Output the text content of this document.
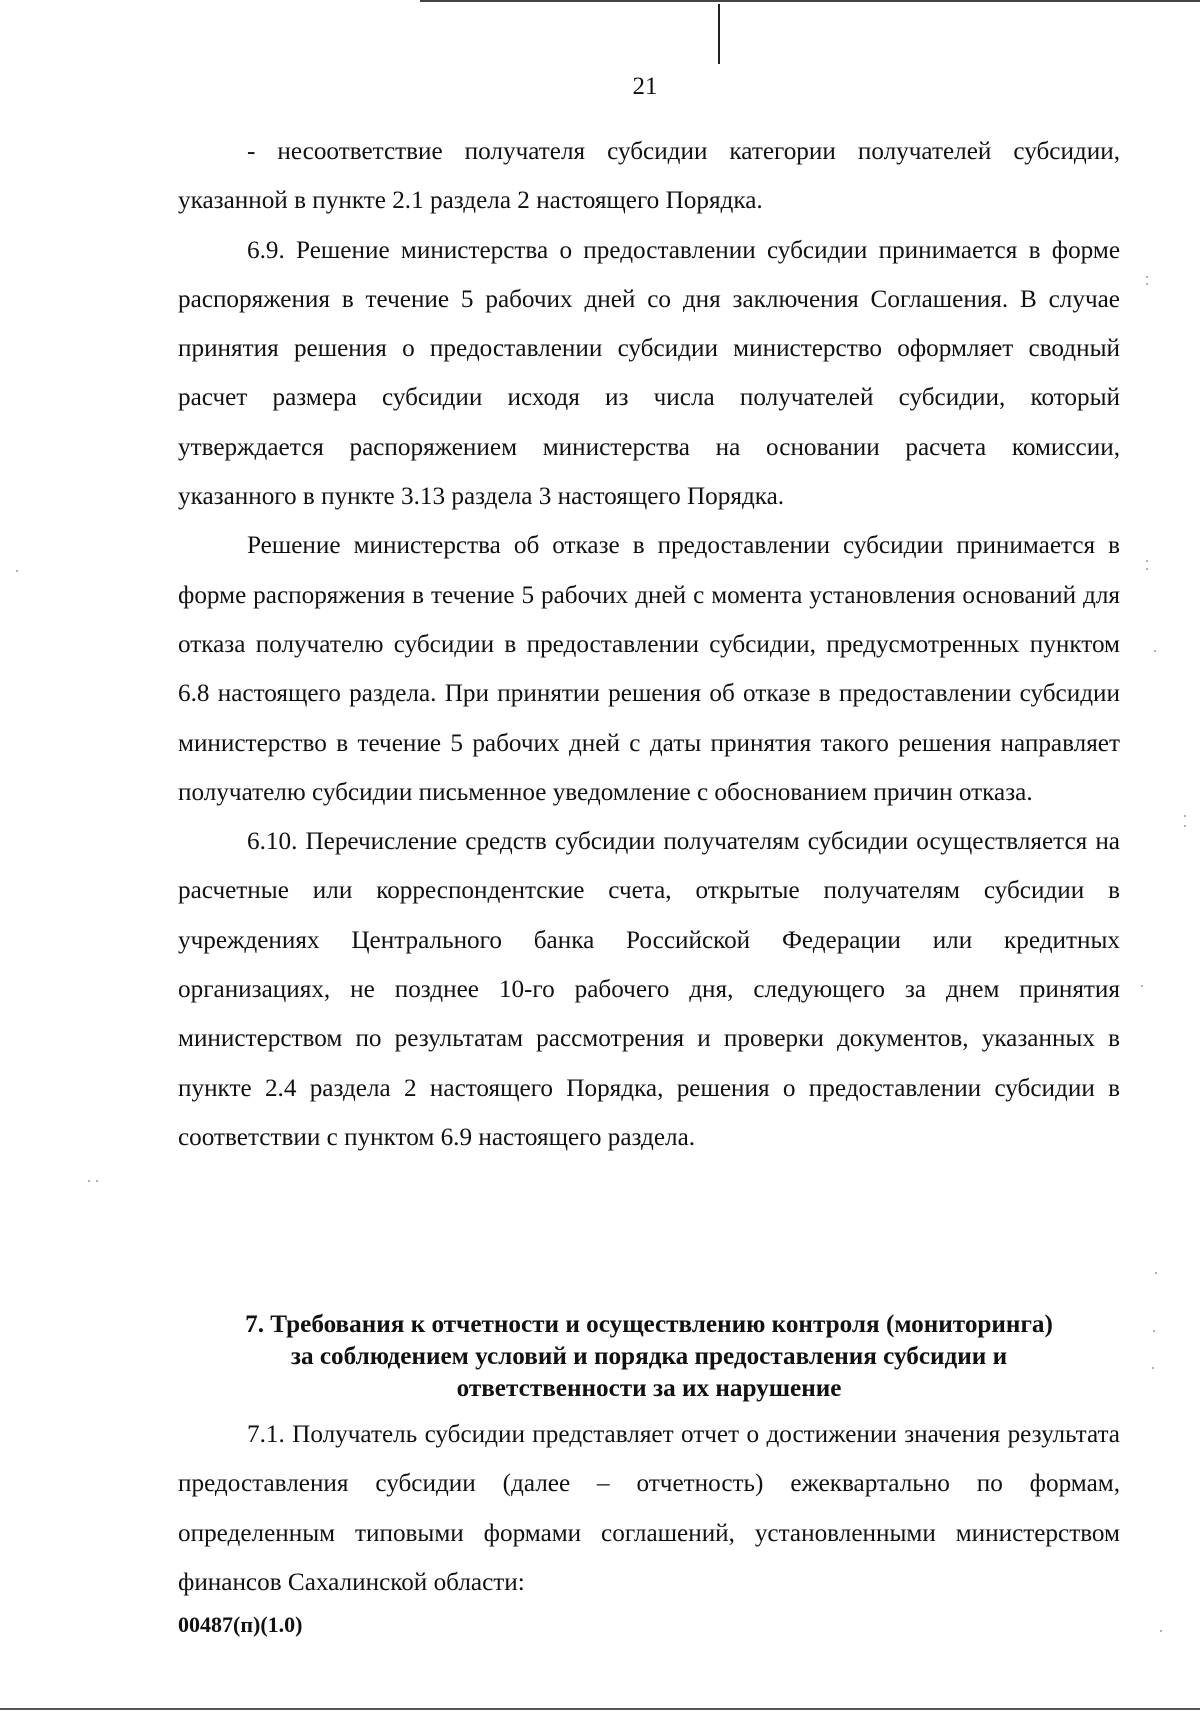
21

- несоответствие получателя субсидии категории получателей субсидии, указанной в пункте 2.1 раздела 2 настоящего Порядка.

6.9. Решение министерства о предоставлении субсидии принимается в форме распоряжения в течение 5 рабочих дней со дня заключения Соглашения. В случае принятия решения о предоставлении субсидии министерство оформляет сводный расчет размера субсидии исходя из числа получателей субсидии, который утверждается распоряжением министерства на основании расчета комиссии, указанного в пункте 3.13 раздела 3 настоящего Порядка.

Решение министерства об отказе в предоставлении субсидии принимается в форме распоряжения в течение 5 рабочих дней с момента установления оснований для отказа получателю субсидии в предоставлении субсидии, предусмотренных пунктом 6.8 настоящего раздела. При принятии решения об отказе в предоставлении субсидии министерство в течение 5 рабочих дней с даты принятия такого решения направляет получателю субсидии письменное уведомление с обоснованием причин отказа.

6.10. Перечисление средств субсидии получателям субсидии осуществляется на расчетные или корреспондентские счета, открытые получателям субсидии в учреждениях Центрального банка Российской Федерации или кредитных организациях, не позднее 10-го рабочего дня, следующего за днем принятия министерством по результатам рассмотрения и проверки документов, указанных в пункте 2.4 раздела 2 настоящего Порядка, решения о предоставлении субсидии в соответствии с пунктом 6.9 настоящего раздела.

7. Требования к отчетности и осуществлению контроля (мониторинга)
за соблюдением условий и порядка предоставления субсидии и
ответственности за их нарушение

7.1. Получатель субсидии представляет отчет о достижении значения результата предоставления субсидии (далее – отчетность) ежеквартально по формам, определенным типовыми формами соглашений, установленными министерством финансов Сахалинской области:

00487(п)(1.0)
